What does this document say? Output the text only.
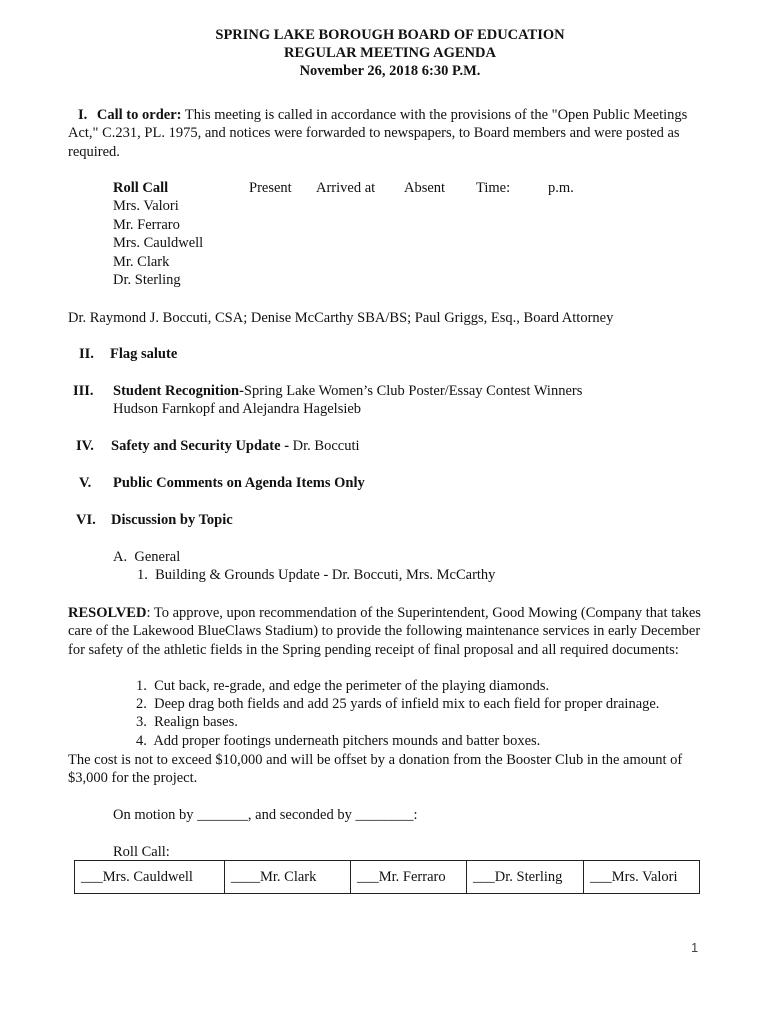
SPRING LAKE BOROUGH BOARD OF EDUCATION
REGULAR MEETING AGENDA
November 26, 2018 6:30 P.M.
I. Call to order: This meeting is called in accordance with the provisions of the "Open Public Meetings Act," C.231, PL. 1975, and notices were forwarded to newspapers, to Board members and were posted as required.
Roll Call	Present Arrived at Absent Time:	p.m.
Mrs. Valori
Mr. Ferraro
Mrs. Cauldwell
Mr. Clark
Dr. Sterling
Dr. Raymond J. Boccuti, CSA; Denise McCarthy SBA/BS; Paul Griggs, Esq., Board Attorney
II. Flag salute
III. Student Recognition-Spring Lake Women’s Club Poster/Essay Contest Winners
Hudson Farnkopf and Alejandra Hagelsieb
IV. Safety and Security Update - Dr. Boccuti
V. Public Comments on Agenda Items Only
VI. Discussion by Topic
A.  General
1.  Building & Grounds Update - Dr. Boccuti, Mrs. McCarthy
RESOLVED: To approve, upon recommendation of the Superintendent, Good Mowing (Company that takes care of the Lakewood BlueClaws Stadium) to provide the following maintenance services in early December for safety of the athletic fields in the Spring pending receipt of final proposal and all required documents:
1.  Cut back, re-grade, and edge the perimeter of the playing diamonds.
2.  Deep drag both fields and add 25 yards of infield mix to each field for proper drainage.
3.  Realign bases.
4.  Add proper footings underneath pitchers mounds and batter boxes.
The cost is not to exceed $10,000 and will be offset by a donation from the Booster Club in the amount of $3,000 for the project.
On motion by _______, and seconded by ________:
Roll Call:
___Mrs. Cauldwell	____Mr. Clark	___Mr. Ferraro	___Dr. Sterling	___Mrs. Valori
1
